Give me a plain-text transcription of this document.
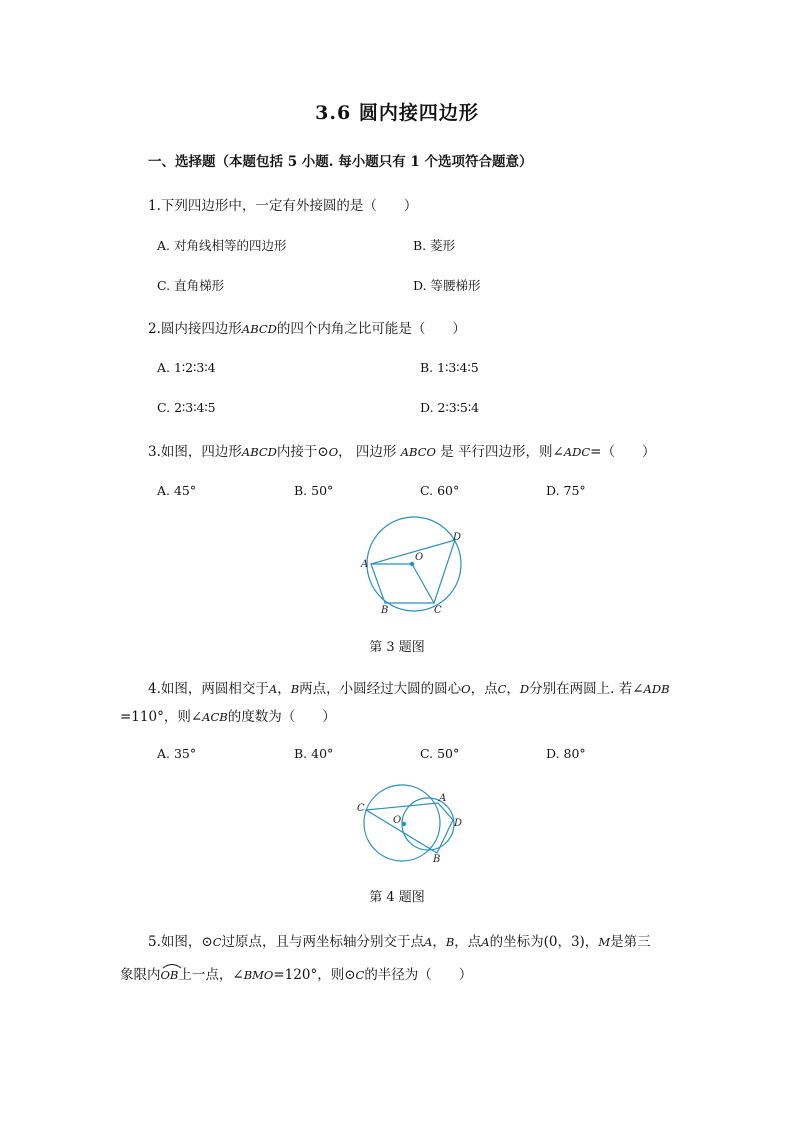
3.6 圆内接四边形
一、选择题（本题包括 5 小题. 每小题只有 1 个选项符合题意）
1.下列四边形中，一定有外接圆的是（　　）
A. 对角线相等的四边形	B. 菱形
C. 直角梯形	D. 等腰梯形
2.圆内接四边形ABCD的四个内角之比可能是（　　）
A. 1∶2∶3∶4	B. 1∶3∶4∶5
C. 2∶3∶4∶5	D. 2∶3∶5∶4
3.如图，四边形ABCD内接于⊙O， 四边形 ABCO 是 平行四边形，则∠ADC=（　　）
A. 45°	B. 50°	C. 60°	D. 75°
A
B	C
D
O
第 3 题图
4.如图，两圆相交于A，B两点，小圆经过大圆的圆心O，点C，D分别在两圆上. 若∠ADB
=110°，则∠ACB的度数为（　　）
A. 35°	B. 40°	C. 50°	D. 80°
C
A
D
B
O
第 4 题图
5.如图，⊙C过原点，且与两坐标轴分别交于点A，B，点A的坐标为(0，3)，M是第三
象限内
OB上一点，∠BMO=120°，则⊙C的半径为（　　）
